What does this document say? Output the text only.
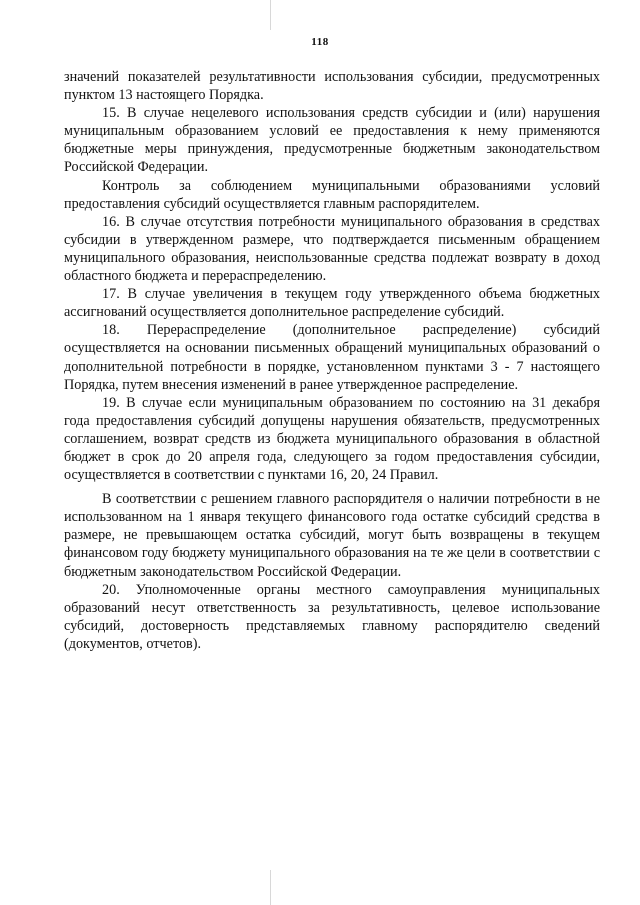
118

значений показателей результативности использования субсидии, предусмотренных пунктом 13 настоящего Порядка.

15. В случае нецелевого использования средств субсидии и (или) нарушения муниципальным образованием условий ее предоставления к нему применяются бюджетные меры принуждения, предусмотренные бюджетным законодательством Российской Федерации.

Контроль за соблюдением муниципальными образованиями условий предоставления субсидий осуществляется главным распорядителем.

16. В случае отсутствия потребности муниципального образования в средствах субсидии в утвержденном размере, что подтверждается письменным обращением муниципального образования, неиспользованные средства подлежат возврату в доход областного бюджета и перераспределению.

17. В случае увеличения в текущем году утвержденного объема бюджетных ассигнований осуществляется дополнительное распределение субсидий.

18. Перераспределение (дополнительное распределение) субсидий осуществляется на основании письменных обращений муниципальных образований о дополнительной потребности в порядке, установленном пунктами 3 - 7 настоящего Порядка, путем внесения изменений в ранее утвержденное распределение.

19. В случае если муниципальным образованием по состоянию на 31 декабря года предоставления субсидий допущены нарушения обязательств, предусмотренных соглашением, возврат средств из бюджета муниципального образования в областной бюджет в срок до 20 апреля года, следующего за годом предоставления субсидии, осуществляется в соответствии с пунктами 16, 20, 24 Правил.

В соответствии с решением главного распорядителя о наличии потребности в не использованном на 1 января текущего финансового года остатке субсидий средства в размере, не превышающем остатка субсидий, могут быть возвращены в текущем финансовом году бюджету муниципального образования на те же цели в соответствии с бюджетным законодательством Российской Федерации.

20. Уполномоченные органы местного самоуправления муниципальных образований несут ответственность за результативность, целевое использование субсидий, достоверность представляемых главному распорядителю сведений (документов, отчетов).
